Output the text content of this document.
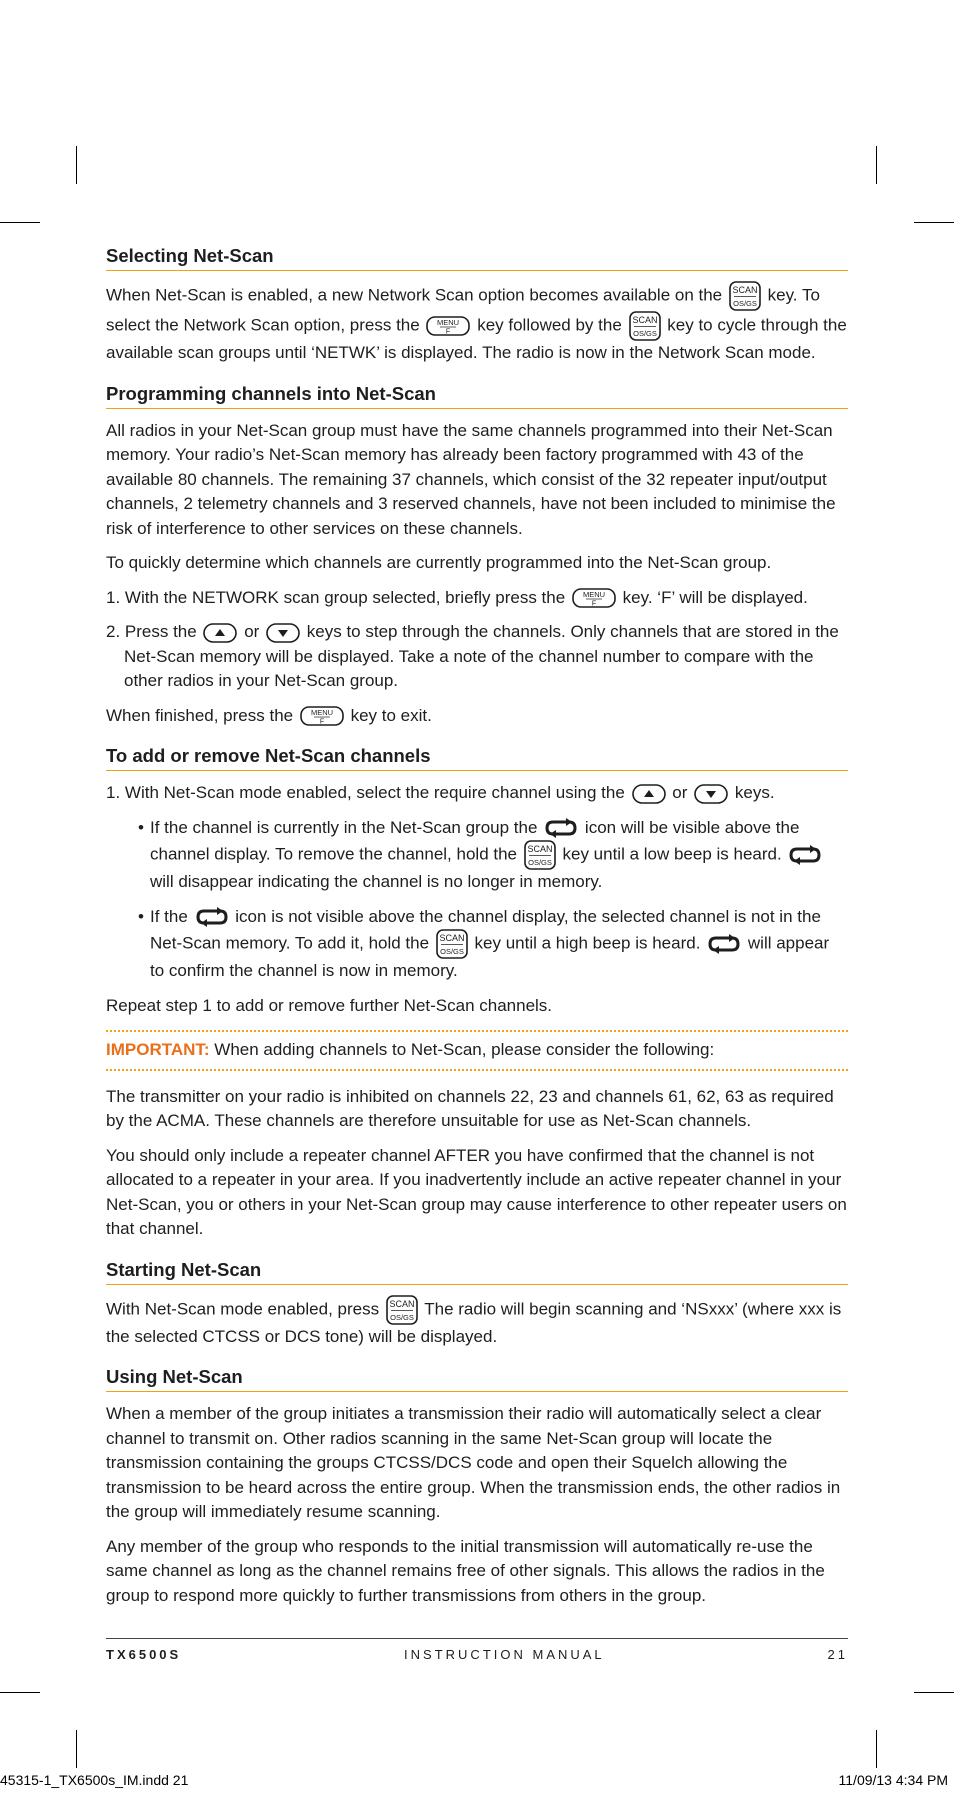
Selecting Net-Scan

When Net-Scan is enabled, a new Network Scan option becomes available on the	key. To select the Network Scan option, press the	key followed by the	key to cycle through the available scan groups until ‘NETWK’ is displayed. The radio is now in the Network Scan mode.

Programming channels into Net-Scan

All radios in your Net-Scan group must have the same channels programmed into their Net-Scan memory. Your radio’s Net-Scan memory has already been factory programmed with 43 of the available 80 channels. The remaining 37 channels, which consist of the 32 repeater input/output channels, 2 telemetry channels and 3 reserved channels, have not been included to minimise the risk of interference to other services on these channels.

To quickly determine which channels are currently programmed into the Net-Scan group.

1. With the NETWORK scan group selected, briefly press the	key. ‘F’ will be displayed.

2. Press the	or	keys to step through the channels. Only channels that are stored in the Net-Scan memory will be displayed. Take a note of the channel number to compare with the other radios in your Net-Scan group.

When finished, press the	key to exit.

To add or remove Net-Scan channels

1. With Net-Scan mode enabled, select the require channel using the	or	keys.

• If the channel is currently in the Net-Scan group the	icon will be visible above the channel display. To remove the channel, hold the	key until a low beep is heard.  will disappear indicating the channel is no longer in memory.

• If the	icon is not visible above the channel display, the selected channel is not in the Net-Scan memory. To add it, hold the	key until a high beep is heard.	will appear to confirm the channel is now in memory.

Repeat step 1 to add or remove further Net-Scan channels.

IMPORTANT: When adding channels to Net-Scan, please consider the following:

The transmitter on your radio is inhibited on channels 22, 23 and channels 61, 62, 63 as required by the ACMA. These channels are therefore unsuitable for use as Net-Scan channels.

You should only include a repeater channel AFTER you have confirmed that the channel is not allocated to a repeater in your area. If you inadvertently include an active repeater channel in your Net-Scan, you or others in your Net-Scan group may cause interference to other repeater users on that channel.

Starting Net-Scan

With Net-Scan mode enabled, press	The radio will begin scanning and ‘NSxxx’ (where xxx is the selected CTCSS or DCS tone) will be displayed.

Using Net-Scan

When a member of the group initiates a transmission their radio will automatically select a clear channel to transmit on. Other radios scanning in the same Net-Scan group will locate the transmission containing the groups CTCSS/DCS code and open their Squelch allowing the transmission to be heard across the entire group. When the transmission ends, the other radios in the group will immediately resume scanning.

Any member of the group who responds to the initial transmission will automatically re-use the same channel as long as the channel remains free of other signals. This allows the radios in the group to respond more quickly to further transmissions from others in the group.

TX6500S	INSTRUCTION MANUAL	21
45315-1_TX6500s_IM.indd 21	11/09/13 4:34 PM
